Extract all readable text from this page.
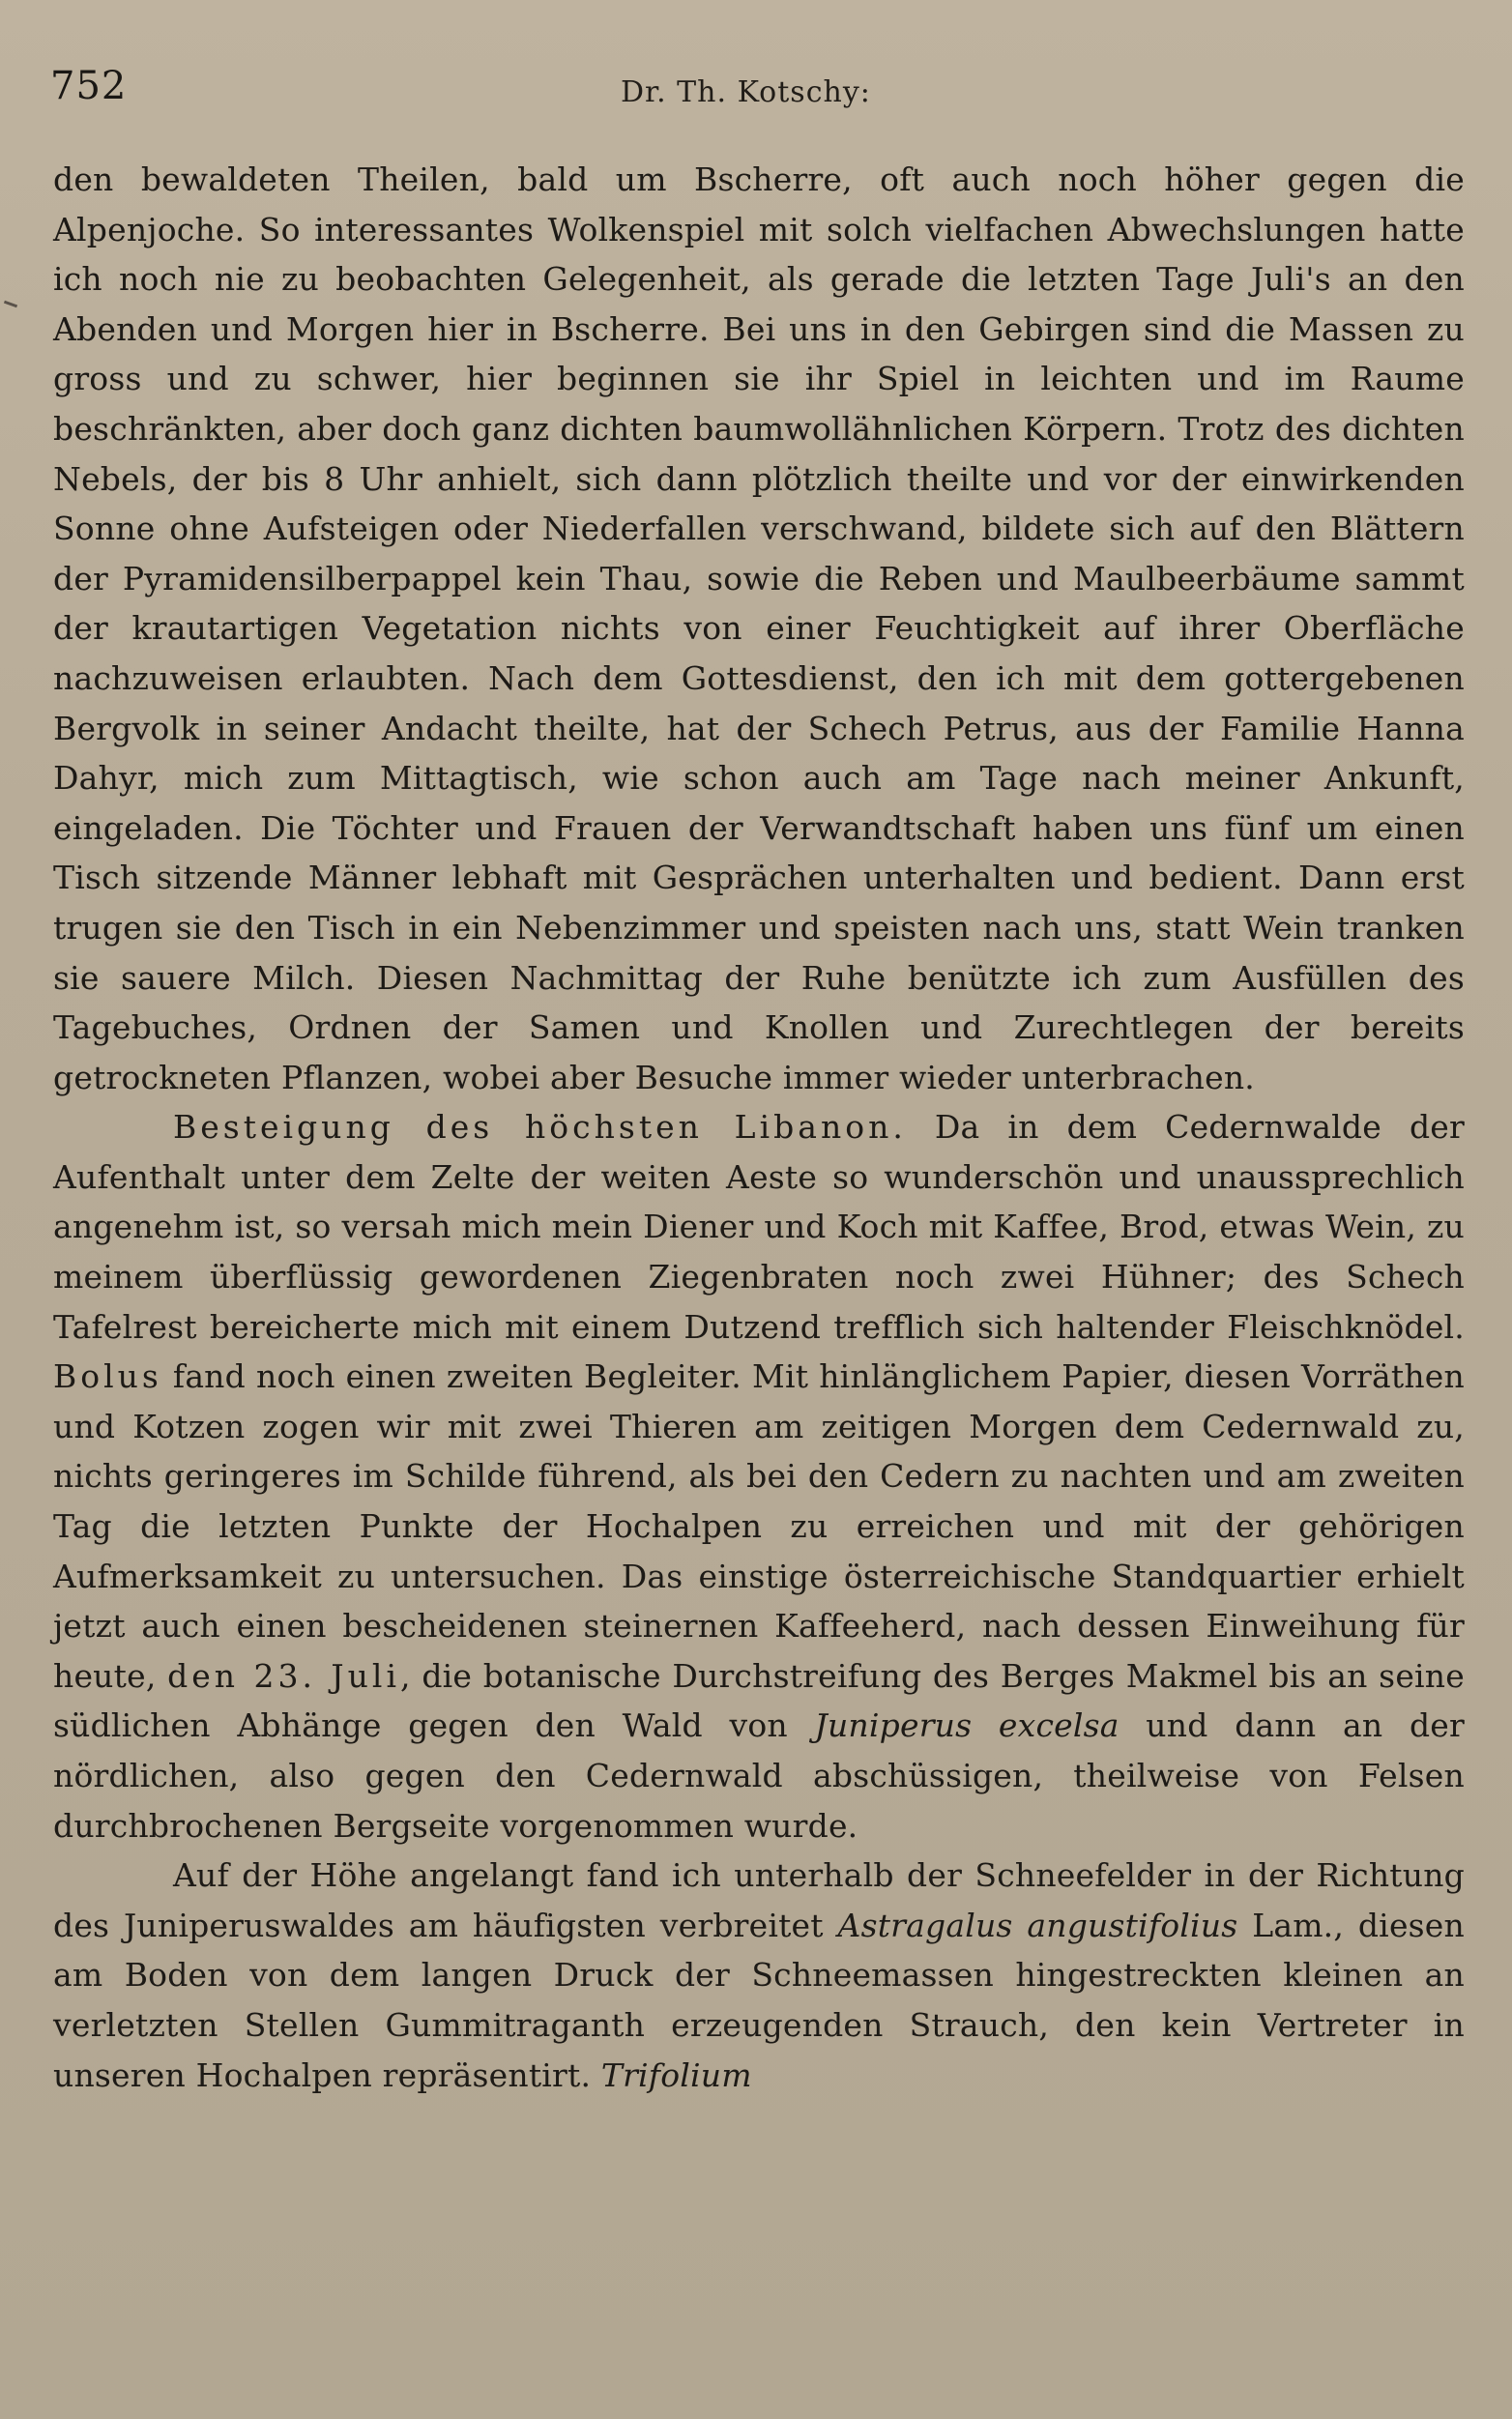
752	Dr. Th. Kotschy:

den bewaldeten Theilen, bald um Bscherre, oft auch noch höher gegen die Alpenjoche. So interessantes Wolkenspiel mit solch vielfachen Abwechslungen hatte ich noch nie zu beobachten Gelegenheit, als gerade die letzten Tage Juli's an den Abenden und Morgen hier in Bscherre. Bei uns in den Gebirgen sind die Massen zu gross und zu schwer, hier beginnen sie ihr Spiel in leichten und im Raume beschränkten, aber doch ganz dichten baumwollähnlichen Körpern. Trotz des dichten Nebels, der bis 8 Uhr anhielt, sich dann plötzlich theilte und vor der einwirkenden Sonne ohne Aufsteigen oder Niederfallen verschwand, bildete sich auf den Blättern der Pyramidensilberpappel kein Thau, sowie die Reben und Maulbeerbäume sammt der krautartigen Vegetation nichts von einer Feuchtigkeit auf ihrer Oberfläche nachzuweisen erlaubten. Nach dem Gottesdienst, den ich mit dem gottergebenen Bergvolk in seiner Andacht theilte, hat der Schech Petrus, aus der Familie Hanna Dahyr, mich zum Mittagtisch, wie schon auch am Tage nach meiner Ankunft, eingeladen. Die Töchter und Frauen der Verwandtschaft haben uns fünf um einen Tisch sitzende Männer lebhaft mit Gesprächen unterhalten und bedient. Dann erst trugen sie den Tisch in ein Nebenzimmer und speisten nach uns, statt Wein tranken sie sauere Milch. Diesen Nachmittag der Ruhe benützte ich zum Ausfüllen des Tagebuches, Ordnen der Samen und Knollen und Zurechtlegen der bereits getrockneten Pflanzen, wobei aber Besuche immer wieder unterbrachen.

Besteigung des höchsten Libanon. Da in dem Cedernwalde der Aufenthalt unter dem Zelte der weiten Aeste so wunderschön und unaussprechlich angenehm ist, so versah mich mein Diener und Koch mit Kaffee, Brod, etwas Wein, zu meinem überflüssig gewordenen Ziegenbraten noch zwei Hühner; des Schech Tafelrest bereicherte mich mit einem Dutzend trefflich sich haltender Fleischknödel. Bolus fand noch einen zweiten Begleiter. Mit hinlänglichem Papier, diesen Vorräthen und Kotzen zogen wir mit zwei Thieren am zeitigen Morgen dem Cedernwald zu, nichts geringeres im Schilde führend, als bei den Cedern zu nachten und am zweiten Tag die letzten Punkte der Hochalpen zu erreichen und mit der gehörigen Aufmerksamkeit zu untersuchen. Das einstige österreichische Standquartier erhielt jetzt auch einen bescheidenen steinernen Kaffeeherd, nach dessen Einweihung für heute, den 23. Juli, die botanische Durchstreifung des Berges Makmel bis an seine südlichen Abhänge gegen den Wald von Juniperus excelsa und dann an der nördlichen, also gegen den Cedernwald abschüssigen, theilweise von Felsen durchbrochenen Bergseite vorgenommen wurde.

Auf der Höhe angelangt fand ich unterhalb der Schneefelder in der Richtung des Juniperuswaldes am häufigsten verbreitet Astragalus angustifolius Lam., diesen am Boden von dem langen Druck der Schneemassen hingestreckten kleinen an verletzten Stellen Gummitraganth erzeugenden Strauch, den kein Vertreter in unseren Hochalpen repräsentirt. Trifolium
